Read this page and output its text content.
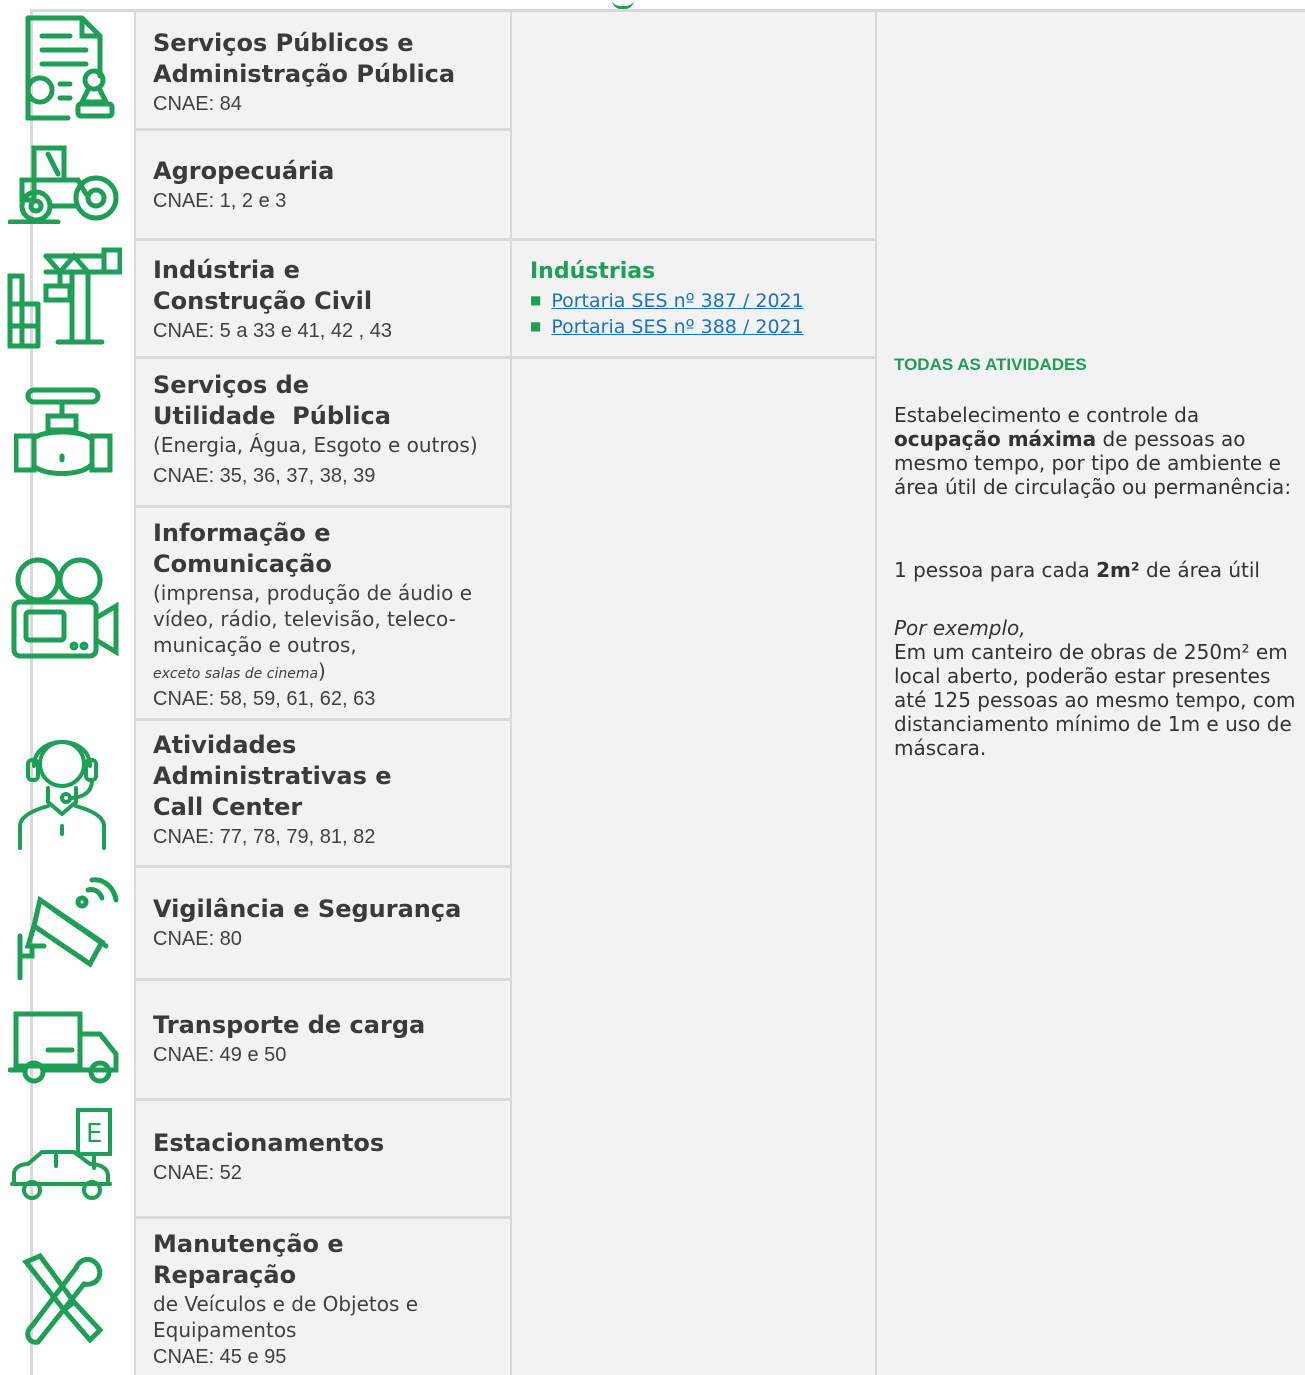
E
Serviços Públicos e Administração Pública
CNAE: 84
Agropecuária
CNAE: 1, 2 e 3
Indústria e
Construção Civil
CNAE: 5 a 33 e 41, 42 , 43
Serviços de
Utilidade  Pública
(Energia, Água, Esgoto e outros)
CNAE: 35, 36, 37, 38, 39
Informação e
Comunicação
(imprensa, produção de áudio e vídeo, rádio, televisão, teleco-municação e outros,
exceto salas de cinema)
CNAE: 58, 59, 61, 62, 63
Atividades
Administrativas e
Call Center
CNAE: 77, 78, 79, 81, 82
Vigilância e Segurança
CNAE: 80
Transporte de carga
CNAE: 49 e 50
Estacionamentos
CNAE: 52
Manutenção e
Reparação
de Veículos e de Objetos e Equipamentos
CNAE: 45 e 95
Indústrias
■ Portaria SES nº 387 / 2021
■ Portaria SES nº 388 / 2021
TODAS AS ATIVIDADES
Estabelecimento e controle da ocupação máxima de pessoas ao mesmo tempo, por tipo de ambiente e área útil de circulação ou permanência:
1 pessoa para cada 2m² de área útil
Por exemplo,
Em um canteiro de obras de 250m² em local aberto, poderão estar presentes até 125 pessoas ao mesmo tempo, com distanciamento mínimo de 1m e uso de máscara.
